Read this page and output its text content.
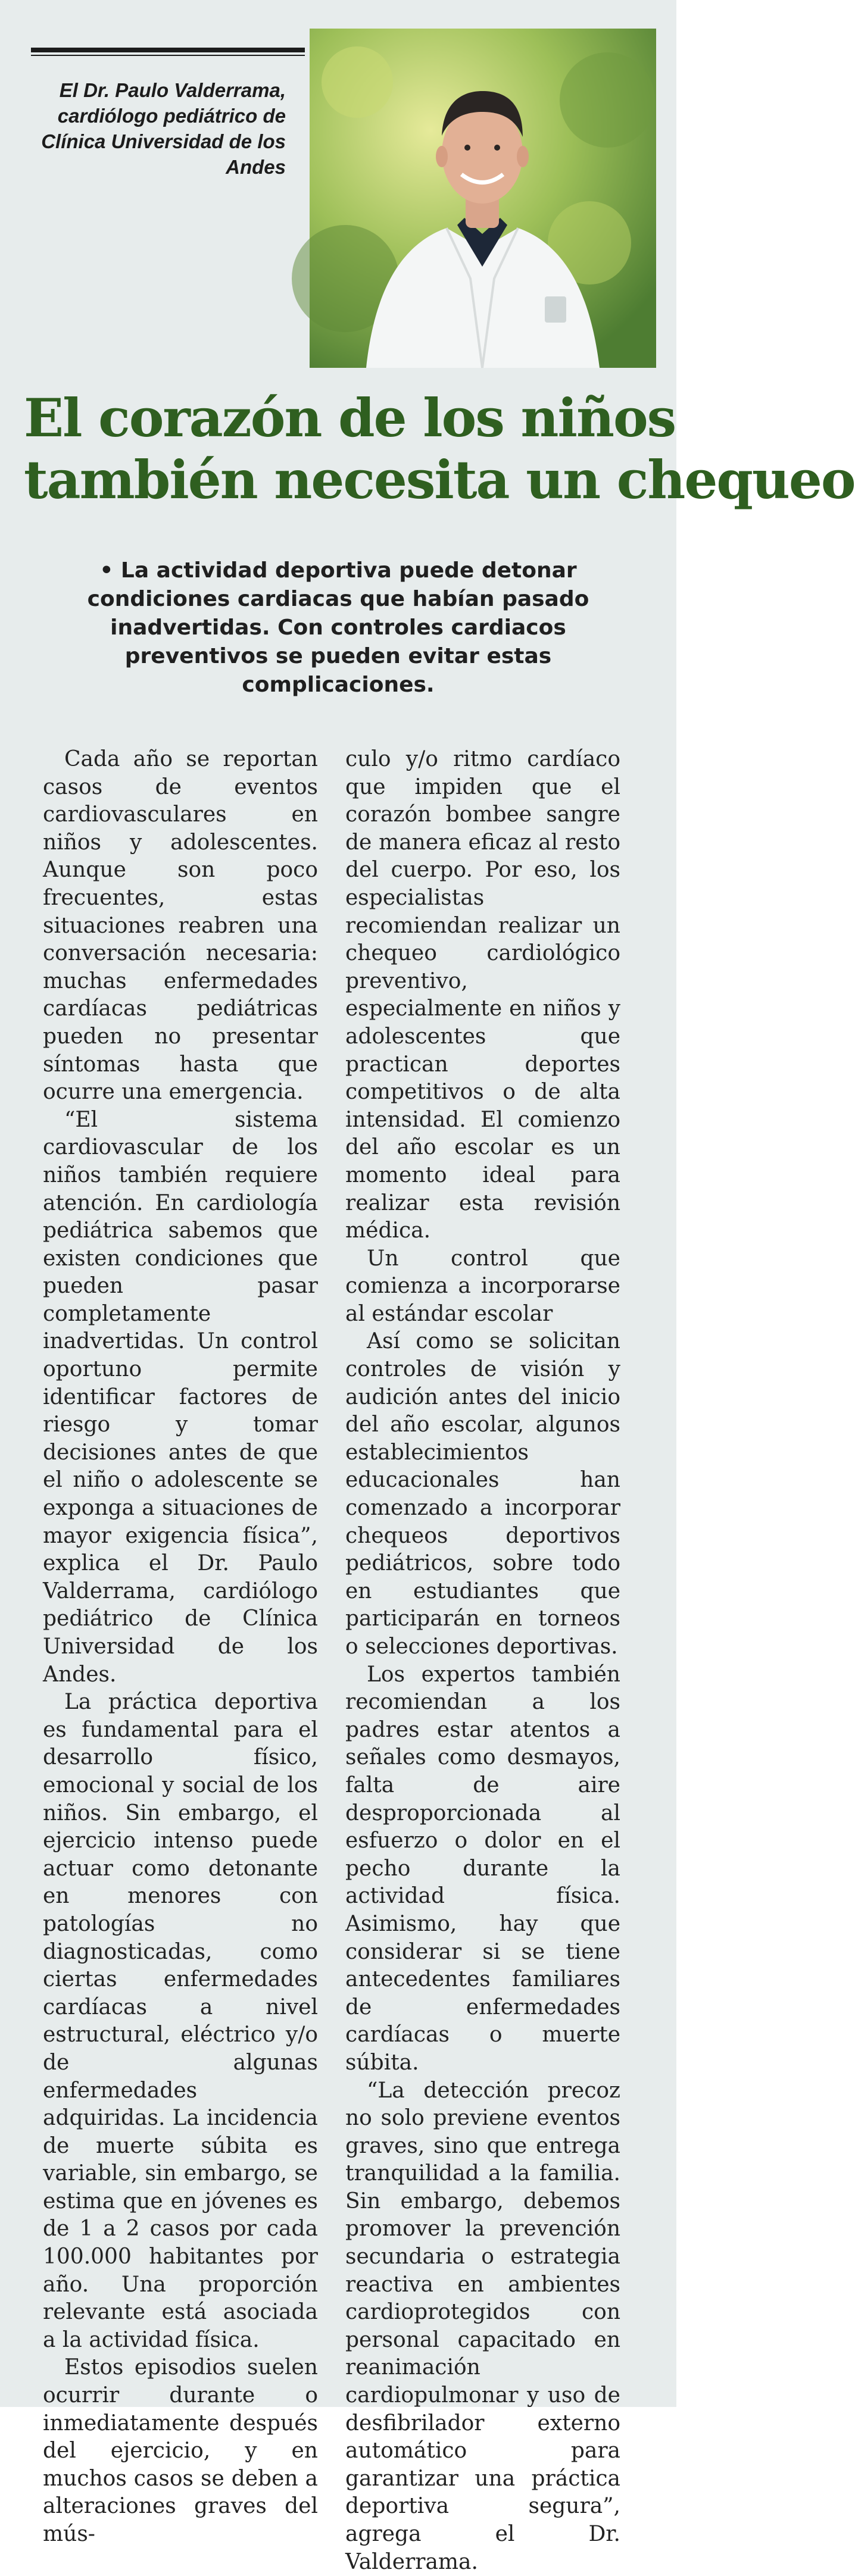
El Dr. Paulo Valderrama, cardiólogo pediátrico de Clínica Universidad de los Andes
El corazón de los niños
también necesita un chequeo
• La actividad deportiva puede detonar condiciones cardiacas que habían pasado inadvertidas. Con controles cardiacos preventivos se pueden evitar estas complicaciones.

Cada año se reportan casos de eventos cardiovasculares en niños y adolescentes. Aunque son poco frecuentes, estas situaciones reabren una conversación necesaria: muchas enfermedades cardíacas pediátricas pueden no presentar síntomas hasta que ocurre una emergencia.

“El sistema cardiovascular de los niños también requiere atención. En cardiología pediátrica sabemos que existen condiciones que pueden pasar completamente inadvertidas. Un control oportuno permite identificar factores de riesgo y tomar decisiones antes de que el niño o adolescente se exponga a situaciones de mayor exigencia física”, explica el Dr. Paulo Valderrama, cardiólogo pediátrico de Clínica Universidad de los Andes.

La práctica deportiva es fundamental para el desarrollo físico, emocional y social de los niños. Sin embargo, el ejercicio intenso puede actuar como detonante en menores con patologías no diagnosticadas, como ciertas enfermedades cardíacas a nivel estructural, eléctrico y/o de algunas enfermedades adquiridas. La incidencia de muerte súbita es variable, sin embargo, se estima que en jóvenes es de 1 a 2 casos por cada 100.000 habitantes por año. Una proporción relevante está asociada a la actividad física.

Estos episodios suelen ocurrir durante o inmediatamente después del ejercicio, y en muchos casos se deben a alteraciones graves del mús-

culo y/o ritmo cardíaco que impiden que el corazón bombee sangre de manera eficaz al resto del cuerpo. Por eso, los especialistas recomiendan realizar un chequeo cardiológico preventivo, especialmente en niños y adolescentes que practican deportes competitivos o de alta intensidad. El comienzo del año escolar es un momento ideal para realizar esta revisión médica.

Un control que comienza a incorporarse al estándar escolar

Así como se solicitan controles de visión y audición antes del inicio del año escolar, algunos establecimientos educacionales han comenzado a incorporar chequeos deportivos pediátricos, sobre todo en estudiantes que participarán en torneos o selecciones deportivas.

Los expertos también recomiendan a los padres estar atentos a señales como desmayos, falta de aire desproporcionada al esfuerzo o dolor en el pecho durante la actividad física. Asimismo, hay que considerar si se tiene antecedentes familiares de enfermedades cardíacas o muerte súbita.

“La detección precoz no solo previene eventos graves, sino que entrega tranquilidad a la familia. Sin embargo, debemos promover la prevención secundaria o estrategia reactiva en ambientes cardioprotegidos con personal capacitado en reanimación cardiopulmonar y uso de desfibrilador externo automático para garantizar una práctica deportiva segura”, agrega el Dr. Valderrama.
